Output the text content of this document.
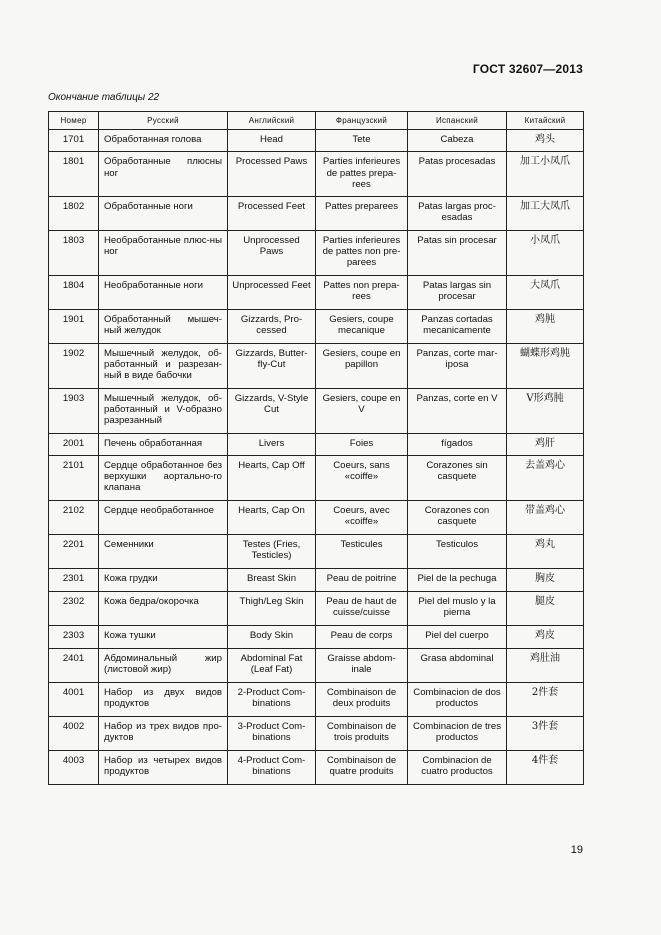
ГОСТ 32607—2013
Окончание таблицы 22
Номер	Русский	Английский	Французский	Испанский	Китайский
1701	Обработанная голова	Head	Tete	Cabeza	鸡头
1801	Обработанные плюсны ног	Processed Paws	Parties inferieures de pattes prepa-rees	Patas procesadas	加工小凤爪
1802	Обработанные ноги	Processed Feet	Pattes preparees	Patas largas proc-esadas	加工大凤爪
1803	Необработанные плюс-ны ног	Unprocessed Paws	Parties inferieures de pattes non pre-parees	Patas sin procesar	小凤爪
1804	Необработанные ноги	Unprocessed Feet	Pattes non prepa-rees	Patas largas sin procesar	大凤爪
1901	Обработанный мышеч-ный желудок	Gizzards, Pro-cessed	Gesiers, coupe mecanique	Panzas cortadas mecanicamente	鸡肫
1902	Мышечный желудок, об-работанный и разрезан-ный в виде бабочки	Gizzards, Butter-fly-Cut	Gesiers, coupe en papillon	Panzas, corte mar-iposa	蝴蝶形鸡肫
1903	Мышечный желудок, об-работанный и V-образно разрезанный	Gizzards, V-Style Cut	Gesiers, coupe en V	Panzas, corte en V	V形鸡肫
2001	Печень обработанная	Livers	Foies	fígados	鸡肝
2101	Сердце обработанное без верхушки аортально-го клапана	Hearts, Cap Off	Coeurs, sans «coiffe»	Corazones sin casquete	去盖鸡心
2102	Сердце необработанное	Hearts, Cap On	Coeurs, avec «coiffe»	Corazones con casquete	带盖鸡心
2201	Семенники	Testes (Fries, Testicles)	Testicules	Testiculos	鸡丸
2301	Кожа грудки	Breast Skin	Peau de poitrine	Piel de la pechuga	胸皮
2302	Кожа бедра/окорочка	Thigh/Leg Skin	Peau de haut de cuisse/cuisse	Piel del muslo y la pierna	腿皮
2303	Кожа тушки	Body Skin	Peau de corps	Piel del cuerpo	鸡皮
2401	Абдоминальный жир (листовой жир)	Abdominal Fat (Leaf Fat)	Graisse abdom-inale	Grasa abdominal	鸡肚油
4001	Набор из двух видов продуктов	2-Product Com-binations	Combinaison de deux produits	Combinacion de dos productos	2件套
4002	Набор из трех видов про-дуктов	3-Product Com-binations	Combinaison de trois produits	Combinacion de tres productos	3件套
4003	Набор из четырех видов продуктов	4-Product Com-binations	Combinaison de quatre produits	Combinacion de cuatro productos	4件套
19
